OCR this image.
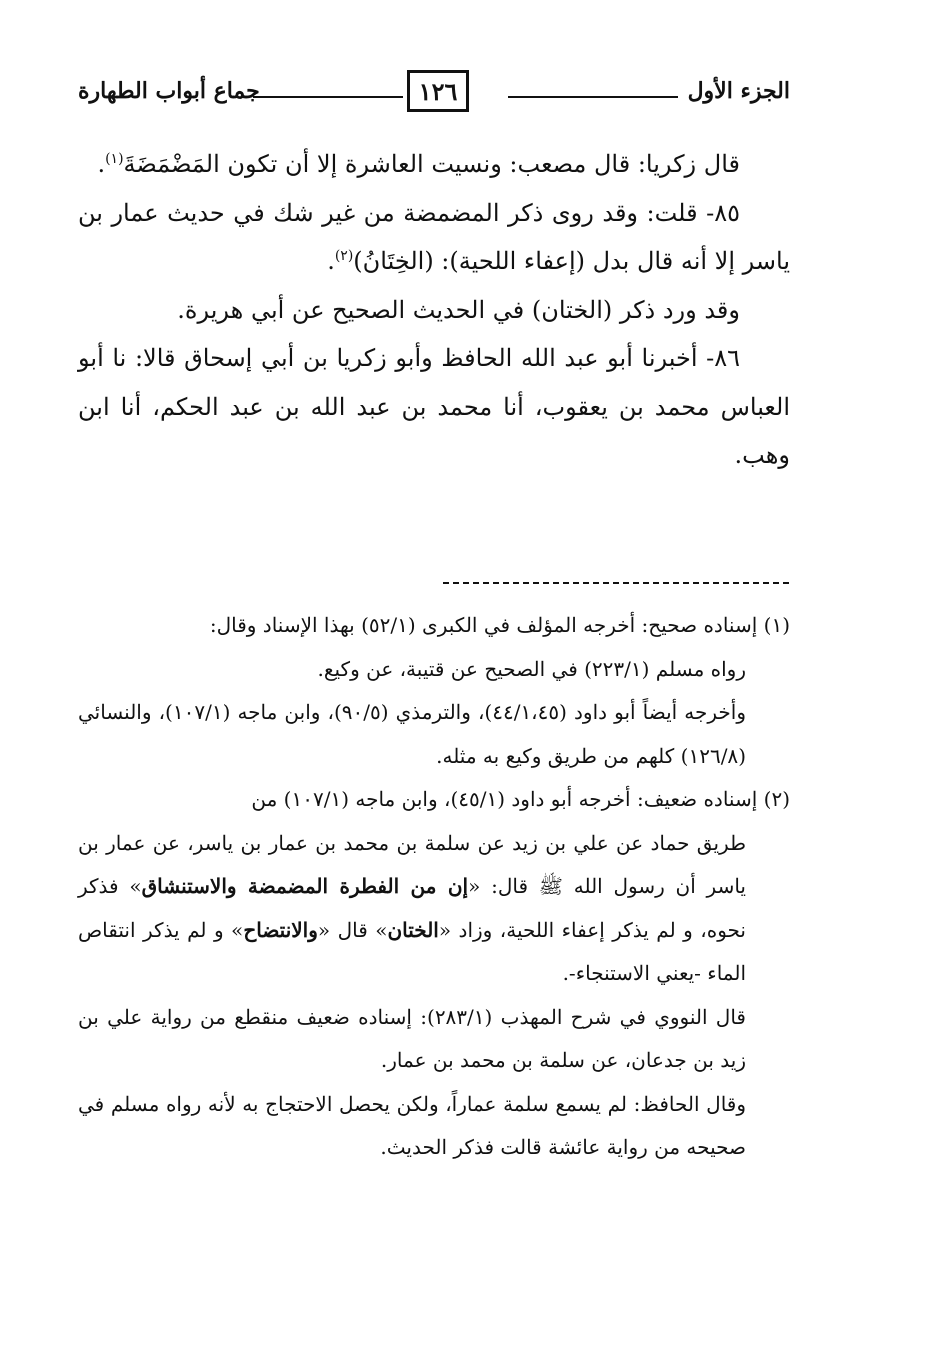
الجزء الأول
١٢٦
جماع أبواب الطهارة

قال زكريا: قال مصعب: ونسيت العاشرة إلا أن تكون المَضْمَضَةَ$^{(١)}$.

٨٥- قلت: وقد روى ذكر المضمضة من غير شك في حديث عمار بن ياسر إلا أنه قال بدل (إعفاء اللحية): (الخِتَانُ)$^{(٢)}$.

وقد ورد ذكر (الختان) في الحديث الصحيح عن أبي هريرة.

٨٦- أخبرنا أبو عبد الله الحافظ وأبو زكريا بن أبي إسحاق قالا: نا أبو العباس محمد بن يعقوب، أنا محمد بن عبد الله بن عبد الحكم، أنا ابن وهب.

(١) إسناده صحيح: أخرجه المؤلف في الكبرى (٥٢/١) بهذا الإسناد وقال:

رواه مسلم (٢٢٣/١) في الصحيح عن قتيبة، عن وكيع.

وأخرجه أيضاً أبو داود (٤٤/١،٤٥)، والترمذي (٩٠/٥)، وابن ماجه (١٠٧/١)، والنسائي (١٢٦/٨) كلهم من طريق وكيع به مثله.

(٢) إسناده ضعيف: أخرجه أبو داود (٤٥/١)، وابن ماجه (١٠٧/١) من

طريق حماد عن علي بن زيد عن سلمة بن محمد بن عمار بن ياسر، عن عمار بن ياسر أن رسول الله ﷺ قال: «إن من الفطرة المضمضة والاستنشاق» فذكر نحوه، و لم يذكر إعفاء اللحية، وزاد «الختان» قال «والانتضاح» و لم يذكر انتقاص الماء -يعني الاستنجاء-.

قال النووي في شرح المهذب (٢٨٣/١): إسناده ضعيف منقطع من رواية علي بن زيد بن جدعان، عن سلمة بن محمد بن عمار.

وقال الحافظ: لم يسمع سلمة عماراً، ولكن يحصل الاحتجاج به لأنه رواه مسلم في صحيحه من رواية عائشة قالت فذكر الحديث.
